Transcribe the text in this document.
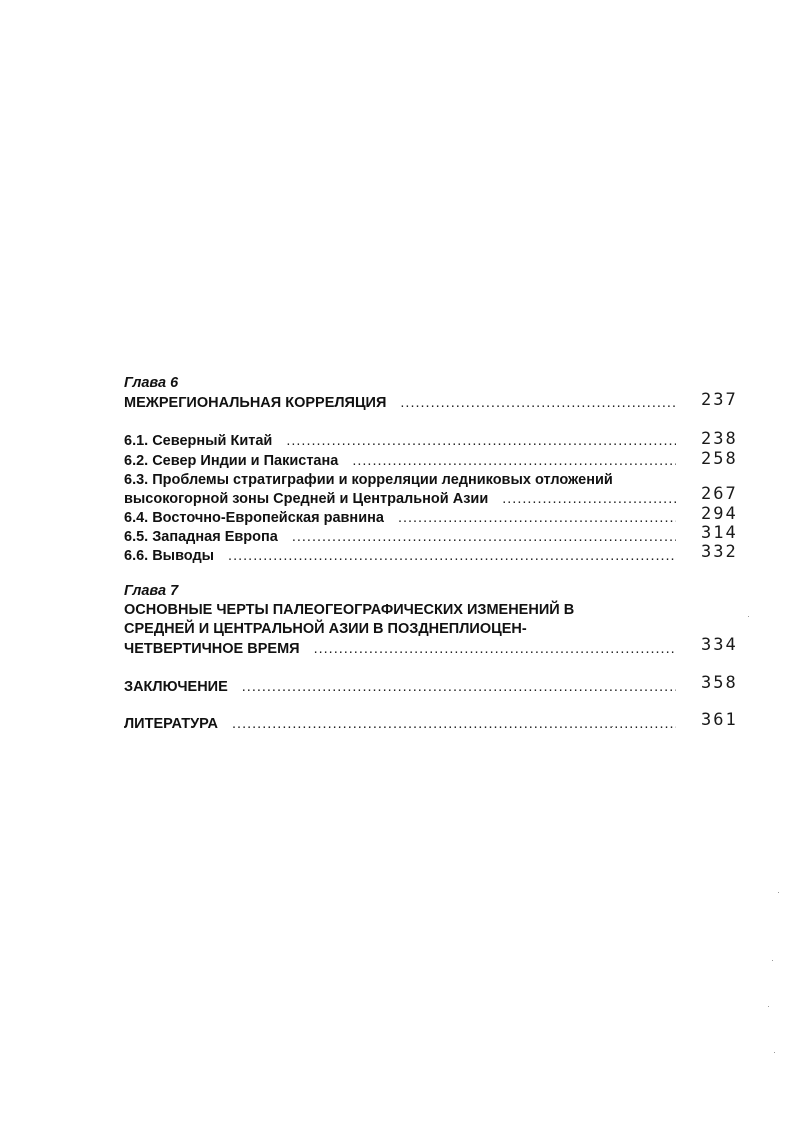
Глава 6
МЕЖРЕГИОНАЛЬНАЯ КОРРЕЛЯЦИЯ .....	237
6.1. Северный Китай .....	238
6.2. Север Индии и Пакистана .....	258
6.3. Проблемы стратиграфии и корреляции ледниковых отложений
высокогорной зоны Средней и Центральной Азии .....	267
6.4. Восточно-Европейская равнина .....	294
6.5. Западная Европа .....	314
6.6. Выводы .....	332
Глава 7
ОСНОВНЫЕ ЧЕРТЫ ПАЛЕОГЕОГРАФИЧЕСКИХ ИЗМЕНЕНИЙ В
СРЕДНЕЙ И ЦЕНТРАЛЬНОЙ АЗИИ В ПОЗДНЕПЛИОЦЕН-
ЧЕТВЕРТИЧНОЕ ВРЕМЯ .....	334
ЗАКЛЮЧЕНИЕ .....	358
ЛИТЕРАТУРА .....	361
